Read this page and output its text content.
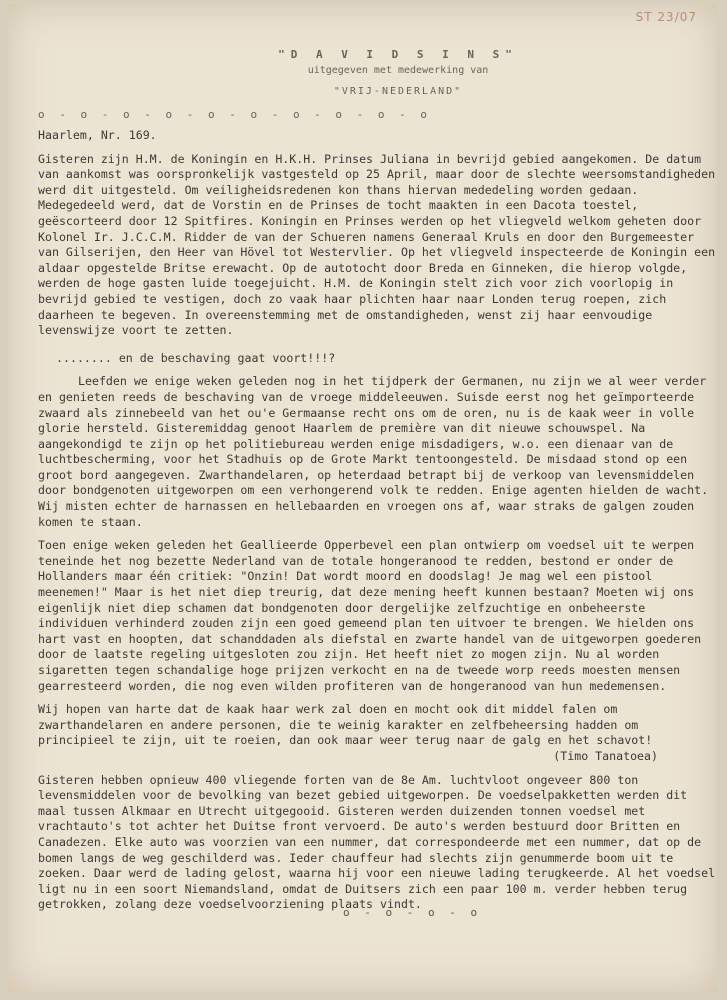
ST 23/07
"D A V I D S I N S"
uitgegeven met medewerking van
"VRIJ-NEDERLAND"
o - o - o - o - o - o - o - o - o - o

Haarlem, Nr. 169.

Gisteren zijn H.M. de Koningin en H.K.H. Prinses Juliana in bevrijd gebied aangekomen. De datum van aankomst was oorspronkelijk vastgesteld op 25 April, maar door de slechte weersomstandigheden werd dit uitgesteld. Om veiligheidsredenen kon thans hiervan mededeling worden gedaan. Medegedeeld werd, dat de Vorstin en de Prinses de tocht maakten in een Dacota toestel, geëscorteerd door 12 Spitfires. Koningin en Prinses werden op het vliegveld welkom geheten door Kolonel Ir. J.C.C.M. Ridder de van der Schueren namens Generaal Kruls en door den Burgemeester van Gilserijen, den Heer van Hövel tot Westervlier. Op het vliegveld inspecteerde de Koningin een aldaar opgestelde Britse erewacht. Op de autotocht door Breda en Ginneken, die hierop volgde, werden de hoge gasten luide toegejuicht. H.M. de Koningin stelt zich voor zich voorlopig in bevrijd gebied te vestigen, doch zo vaak haar plichten haar naar Londen terug roepen, zich daarheen te begeven. In overeenstemming met de omstandigheden, wenst zij haar eenvoudige levenswijze voort te zetten.

........ en de beschaving gaat voort!!!?

Leefden we enige weken geleden nog in het tijdperk der Germanen, nu zijn we al weer verder en genieten reeds de beschaving van de vroege middeleeuwen. Suisde eerst nog het geïmporteerde zwaard als zinnebeeld van het ou'e Germaanse recht ons om de oren, nu is de kaak weer in volle glorie hersteld. Gisteremiddag genoot Haarlem de première van dit nieuwe schouwspel. Na aangekondigd te zijn op het politiebureau werden enige misdadigers, w.o. een dienaar van de luchtbescherming, voor het Stadhuis op de Grote Markt tentoongesteld. De misdaad stond op een groot bord aangegeven. Zwarthandelaren, op heterdaad betrapt bij de verkoop van levensmiddelen door bondgenoten uitgeworpen om een verhongerend volk te redden. Enige agenten hielden de wacht. Wij misten echter de harnassen en hellebaarden en vroegen ons af, waar straks de galgen zouden komen te staan.

Toen enige weken geleden het Geallieerde Opperbevel een plan ontwierp om voedsel uit te werpen teneinde het nog bezette Nederland van de totale hongeranood te redden, bestond er onder de Hollanders maar één critiek: "Onzin! Dat wordt moord en doodslag! Je mag wel een pistool meenemen!" Maar is het niet diep treurig, dat deze mening heeft kunnen bestaan? Moeten wij ons eigenlijk niet diep schamen dat bondgenoten door dergelijke zelfzuchtige en onbeheerste individuen verhinderd zouden zijn een goed gemeend plan ten uitvoer te brengen. We hielden ons hart vast en hoopten, dat schanddaden als diefstal en zwarte handel van de uitgeworpen goederen door de laatste regeling uitgesloten zou zijn. Het heeft niet zo mogen zijn. Nu al worden sigaretten tegen schandalige hoge prijzen verkocht en na de tweede worp reeds moesten mensen gearresteerd worden, die nog even wilden profiteren van de hongeranood van hun medemensen.

Wij hopen van harte dat de kaak haar werk zal doen en mocht ook dit middel falen om zwarthandelaren en andere personen, die te weinig karakter en zelfbeheersing hadden om principieel te zijn, uit te roeien, dan ook maar weer terug naar de galg en het schavot!

(Timo Tanatoea)

Gisteren hebben opnieuw 400 vliegende forten van de 8e Am. luchtvloot ongeveer 800 ton levensmiddelen voor de bevolking van bezet gebied uitgeworpen. De voedselpakketten werden dit maal tussen Alkmaar en Utrecht uitgegooid. Gisteren werden duizenden tonnen voedsel met vrachtauto's tot achter het Duitse front vervoerd. De auto's werden bestuurd door Britten en Canadezen. Elke auto was voorzien van een nummer, dat correspondeerde met een nummer, dat op de bomen langs de weg geschilderd was. Ieder chauffeur had slechts zijn genummerde boom uit te zoeken. Daar werd de lading gelost, waarna hij voor een nieuwe lading terugkeerde. Al het voedsel ligt nu in een soort Niemandsland, omdat de Duitsers zich een paar 100 m. verder hebben terug getrokken, zolang deze voedselvoorziening plaats vindt.

o - o - o - o
